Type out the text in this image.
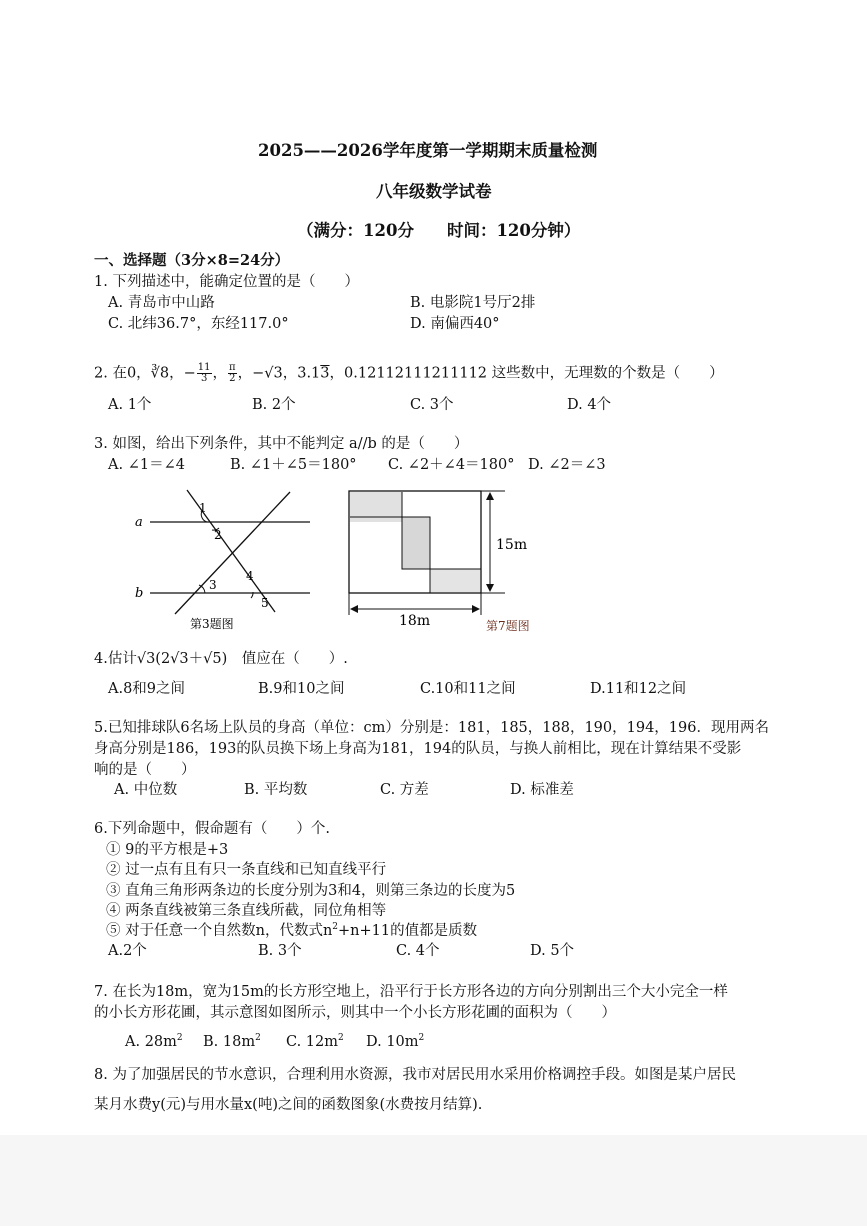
2025——2026学年度第一学期期末质量检测
八年级数学试卷
（满分：120分　　时间：120分钟）
一、选择题（3分×8=24分）
1. 下列描述中，能确定位置的是（　　）
A. 青岛市中山路	B. 电影院1号厅2排
C. 北纬36.7°，东经117.0°	D. 南偏西40°
2. 在0，∛8，− $\frac{11}{3}$ ， $\frac{\pi}{2}$ ，−√3，3.13，0.12112111211112 这些数中，无理数的个数是（　　）
A. 1个	B. 2个	C. 3个	D. 4个
3. 如图，给出下列条件，其中不能判定 a//b 的是（　　）
A. ∠1＝∠4	B. ∠1＋∠5＝180° C. ∠2＋∠4＝180° D. ∠2＝∠3
a
b
1
2
3
4
5
第3题图
15m
18m	第7题图
4.估计√3(2√3＋√5)　值应在（　　）.
A.8和9之间	B.9和10之间	C.10和11之间	D.11和12之间
5.已知排球队6名场上队员的身高（单位：cm）分别是：181，185，188，190，194，196．现用两名
身高分别是186，193的队员换下场上身高为181，194的队员，与换人前相比，现在计算结果不受影
响的是（　　）
A. 中位数	B. 平均数	C. 方差	D. 标准差
6.下列命题中，假命题有（　　）个.
① 9的平方根是+3
② 过一点有且有只一条直线和已知直线平行
③ 直角三角形两条边的长度分别为3和4，则第三条边的长度为5
④ 两条直线被第三条直线所截，同位角相等
⑤ 对于任意一个自然数n，代数式$n^2+n+11$的值都是质数
A.2个	B. 3个	C. 4个	D. 5个
7. 在长为18m，宽为15m的长方形空地上，沿平行于长方形各边的方向分别割出三个大小完全一样
的小长方形花圃，其示意图如图所示，则其中一个小长方形花圃的面积为（　　）
A. $28m^2$ B. $18m^2$ C. $12m^2$ D. $10m^2$
8. 为了加强居民的节水意识，合理利用水资源，我市对居民用水采用价格调控手段。如图是某户居民
某月水费y(元)与用水量x(吨)之间的函数图象(水费按月结算).
